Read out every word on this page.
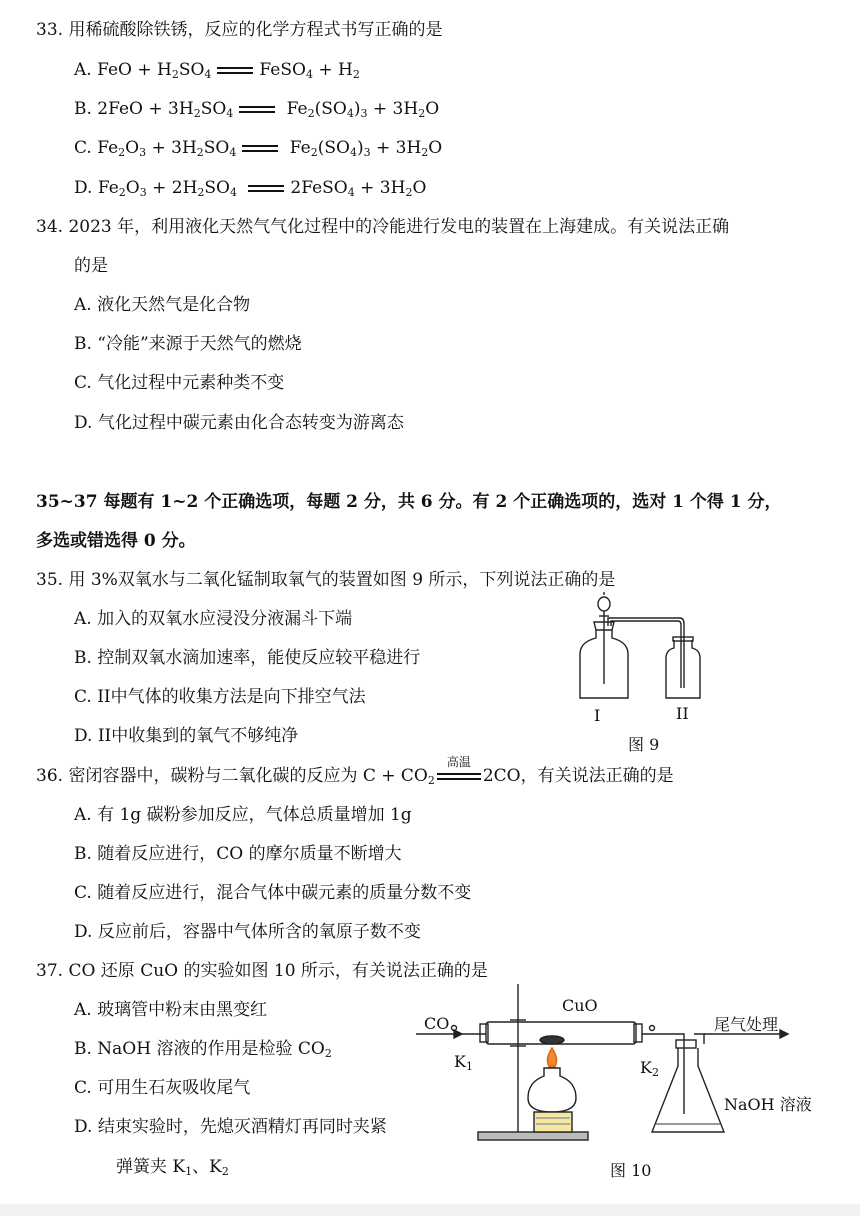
33. 用稀硫酸除铁锈，反应的化学方程式书写正确的是
A. FeO + $H_2SO_4$	FeSO$_4$ + $H_2$
B. $2FeO + 3H_2SO_4$	$Fe_2(SO_4)_3 + 3H_2O$
C. $Fe_2O_3 + 3H_2SO_4$	$Fe_2(SO_4)_3 + 3H_2O$
D. $Fe_2O_3 + 2H_2SO_4$	2FeSO$_4$ + $3H_2O$
34. 2023 年，利用液化天然气气化过程中的冷能进行发电的装置在上海建成。有关说法正确
的是
A. 液化天然气是化合物
B. “冷能”来源于天然气的燃烧
C. 气化过程中元素种类不变
D. 气化过程中碳元素由化合态转变为游离态
35~37 每题有 1~2 个正确选项，每题 2 分，共 6 分。有 2 个正确选项的，选对 1 个得 1 分，
多选或错选得 0 分。
35. 用 3%双氧水与二氧化锰制取氧气的装置如图 9 所示，下列说法正确的是
A. 加入的双氧水应浸没分液漏斗下端
B. 控制双氧水滴加速率，能使反应较平稳进行
C. II中气体的收集方法是向下排空气法
D. II中收集到的氧气不够纯净
I	II
图 9
36. 密闭容器中，碳粉与二氧化碳的反应为 $C + CO_2$
高温
2CO，有关说法正确的是
A. 有 1g 碳粉参加反应，气体总质量增加 1g
B. 随着反应进行，CO 的摩尔质量不断增大
C. 随着反应进行，混合气体中碳元素的质量分数不变
D. 反应前后，容器中气体所含的氧原子数不变
37. CO 还原 CuO 的实验如图 10 所示，有关说法正确的是
A. 玻璃管中粉末由黑变红
B. NaOH 溶液的作用是检验 $CO_2$
C. 可用生石灰吸收尾气
D. 结束实验时，先熄灭酒精灯再同时夹紧
弹簧夹 $K_1$、$K_2$
CO
CuO
尾气处理
$K_1$	$K_2$
NaOH 溶液
图 10
